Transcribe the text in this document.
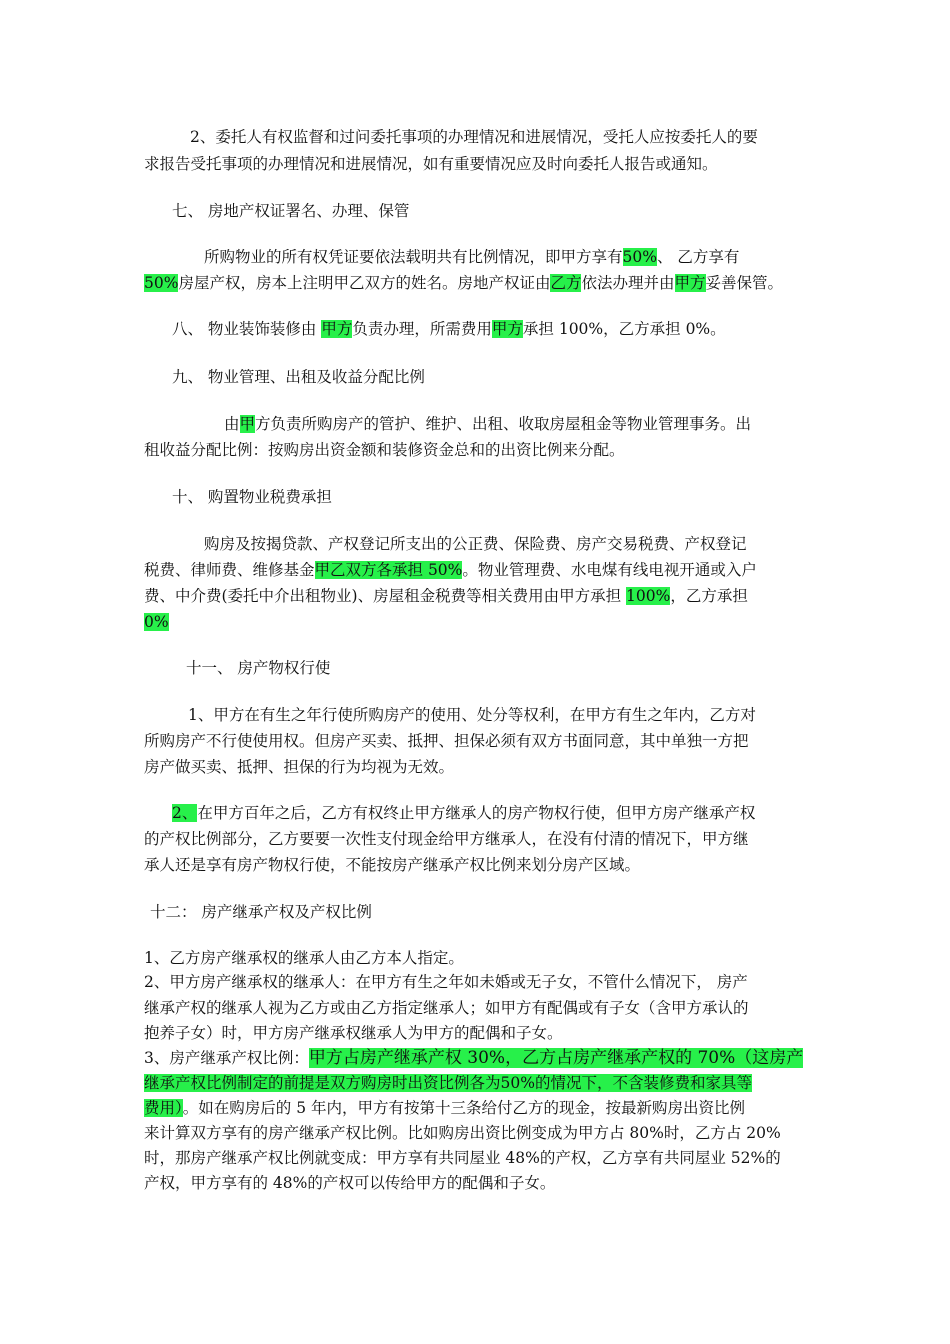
2、委托人有权监督和过问委托事项的办理情况和进展情况，受托人应按委托人的要
求报告受托事项的办理情况和进展情况，如有重要情况应及时向委托人报告或通知。
七、 房地产权证署名、办理、保管
所购物业的所有权凭证要依法载明共有比例情况，即甲方享有50%、 乙方享有
50%房屋产权，房本上注明甲乙双方的姓名。房地产权证由乙方依法办理并由甲方妥善保管。
八、 物业装饰装修由 甲方负责办理，所需费用甲方承担 100%，乙方承担 0%。
九、 物业管理、出租及收益分配比例
由甲方负责所购房产的管护、维护、出租、收取房屋租金等物业管理事务。出
租收益分配比例：按购房出资金额和装修资金总和的出资比例来分配。
十、 购置物业税费承担
购房及按揭贷款、产权登记所支出的公正费、保险费、房产交易税费、产权登记
税费、律师费、维修基金甲乙双方各承担 50%。物业管理费、水电煤有线电视开通或入户
费、中介费(委托中介出租物业)、房屋租金税费等相关费用由甲方承担 100%，乙方承担
0%
十一、 房产物权行使
1、甲方在有生之年行使所购房产的使用、处分等权利，在甲方有生之年内，乙方对
所购房产不行使使用权。但房产买卖、抵押、担保必须有双方书面同意，其中单独一方把
房产做买卖、抵押、担保的行为均视为无效。
2、在甲方百年之后，乙方有权终止甲方继承人的房产物权行使，但甲方房产继承产权
的产权比例部分，乙方要要一次性支付现金给甲方继承人，在没有付清的情况下，甲方继
承人还是享有房产物权行使，不能按房产继承产权比例来划分房产区域。
十二： 房产继承产权及产权比例
1、乙方房产继承权的继承人由乙方本人指定。
2、甲方房产继承权的继承人：在甲方有生之年如未婚或无子女，不管什么情况下， 房产
继承产权的继承人视为乙方或由乙方指定继承人；如甲方有配偶或有子女（含甲方承认的
抱养子女）时，甲方房产继承权继承人为甲方的配偶和子女。
3、房产继承产权比例：甲方占房产继承产权 30%，乙方占房产继承产权的 70%（这房产
继承产权比例制定的前提是双方购房时出资比例各为50%的情况下，不含装修费和家具等
费用）。如在购房后的 5 年内，甲方有按第十三条给付乙方的现金，按最新购房出资比例
来计算双方享有的房产继承产权比例。比如购房出资比例变成为甲方占 80%时，乙方占 20%
时，那房产继承产权比例就变成：甲方享有共同屋业 48%的产权，乙方享有共同屋业 52%的
产权，甲方享有的 48%的产权可以传给甲方的配偶和子女。
